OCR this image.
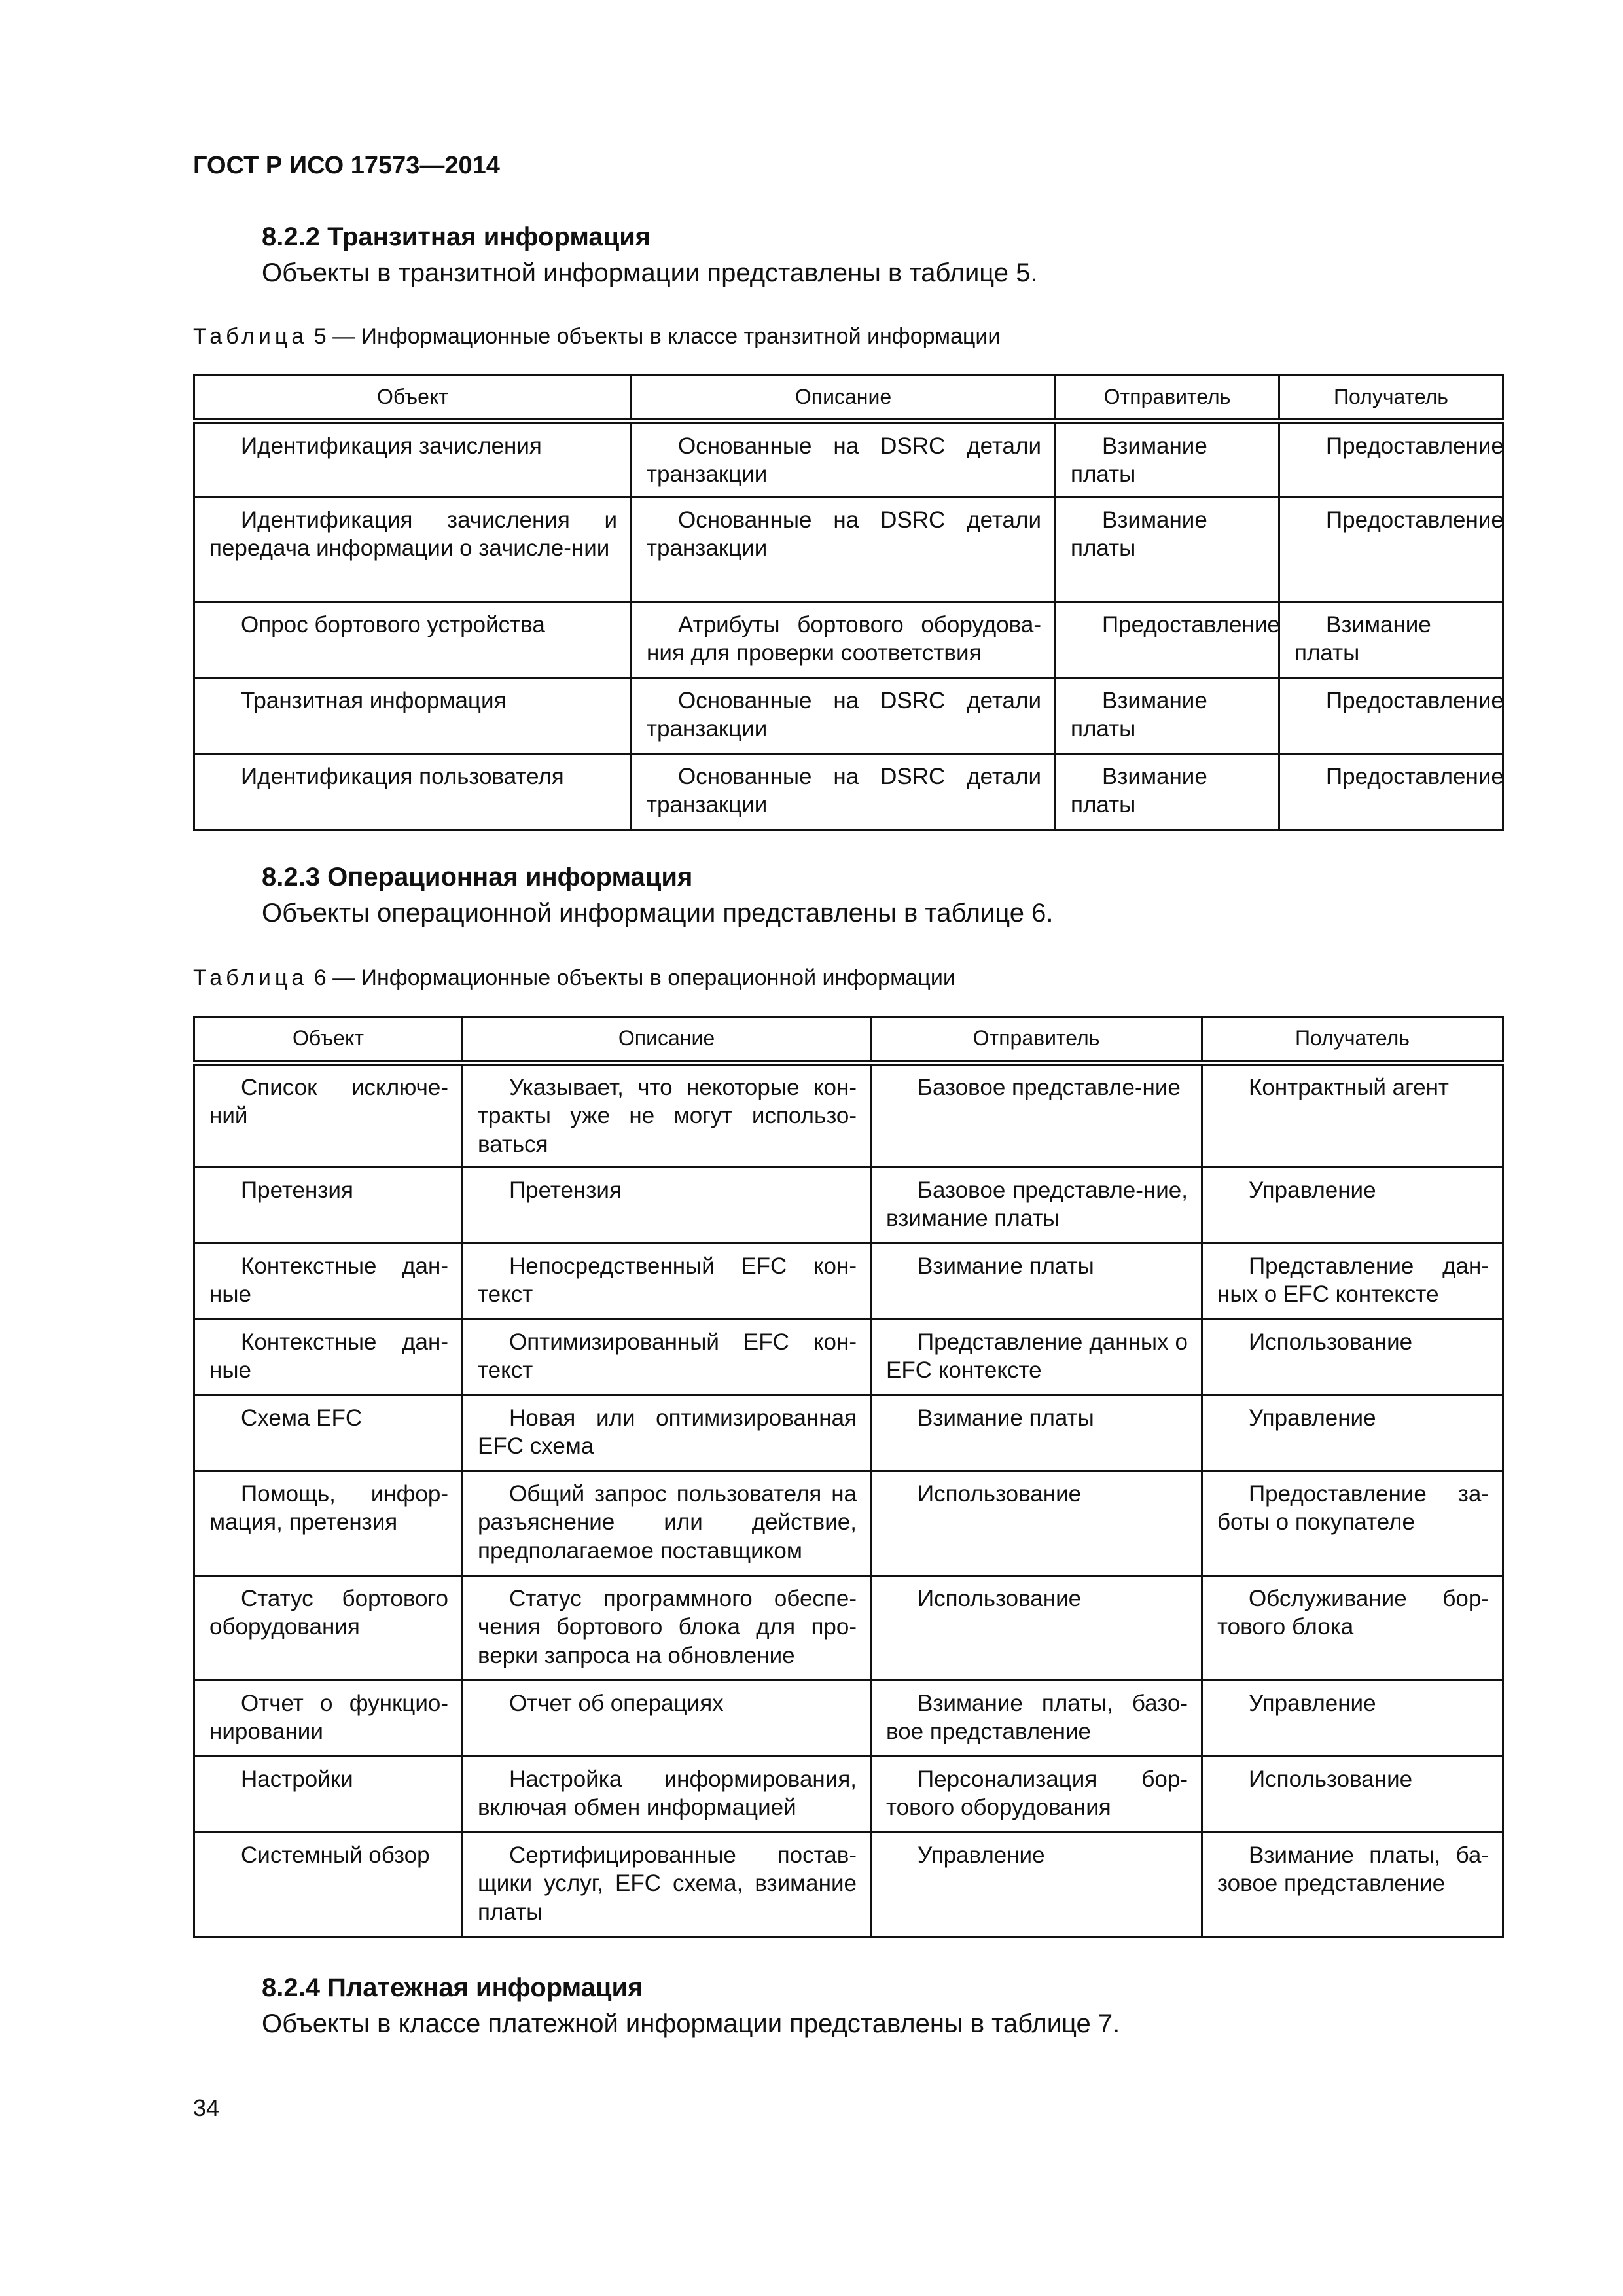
ГОСТ Р ИСО 17573—2014
8.2.2 Транзитная информация
Объекты в транзитной информации представлены в таблице 5.
Таблица 5 — Информационные объекты в классе транзитной информации
Объект	Описание	Отправитель	Получатель

Идентификация зачисления	Основанные на DSRC детали транзакции	Взимание платы	Предоставление

Идентификация зачисления и передача информации о зачисле-нии	Основанные на DSRC детали транзакции	Взимание платы	Предоставление

Опрос бортового устройства	Атрибуты бортового оборудова-ния для проверки соответствия	Предоставление	Взимание платы

Транзитная информация	Основанные на DSRC детали транзакции	Взимание платы	Предоставление

Идентификация пользователя	Основанные на DSRC детали транзакции	Взимание платы	Предоставление
8.2.3 Операционная информация
Объекты операционной информации представлены в таблице 6.
Таблица 6 — Информационные объекты в операционной информации
Объект	Описание	Отправитель	Получатель

Список исключе-ний	Указывает, что некоторые кон-тракты уже не могут использо-ваться	Базовое представле-ние	Контрактный агент

Претензия	Претензия	Базовое представле-ние, взимание платы	Управление

Контекстные дан-ные	Непосредственный EFC кон-текст	Взимание платы	Представление дан-ных о EFC контексте

Контекстные дан-ные	Оптимизированный EFC кон-текст	Представление данных о EFC контексте	Использование

Схема EFC	Новая или оптимизированная EFC схема	Взимание платы	Управление

Помощь, инфор-мация, претензия	Общий запрос пользователя на разъяснение или действие, предполагаемое поставщиком	Использование	Предоставление за-боты о покупателе

Статус бортового оборудования	Статус программного обеспе-чения бортового блока для про-верки запроса на обновление	Использование	Обслуживание бор-тового блока

Отчет о функцио-нировании	Отчет об операциях	Взимание платы, базо-вое представление	Управление

Настройки	Настройка информирования, включая обмен информацией	Персонализация бор-тового оборудования	Использование

Системный обзор	Сертифицированные постав-щики услуг, EFC схема, взимание платы	Управление	Взимание платы, ба-зовое представление
8.2.4 Платежная информация
Объекты в классе платежной информации представлены в таблице 7.
34
